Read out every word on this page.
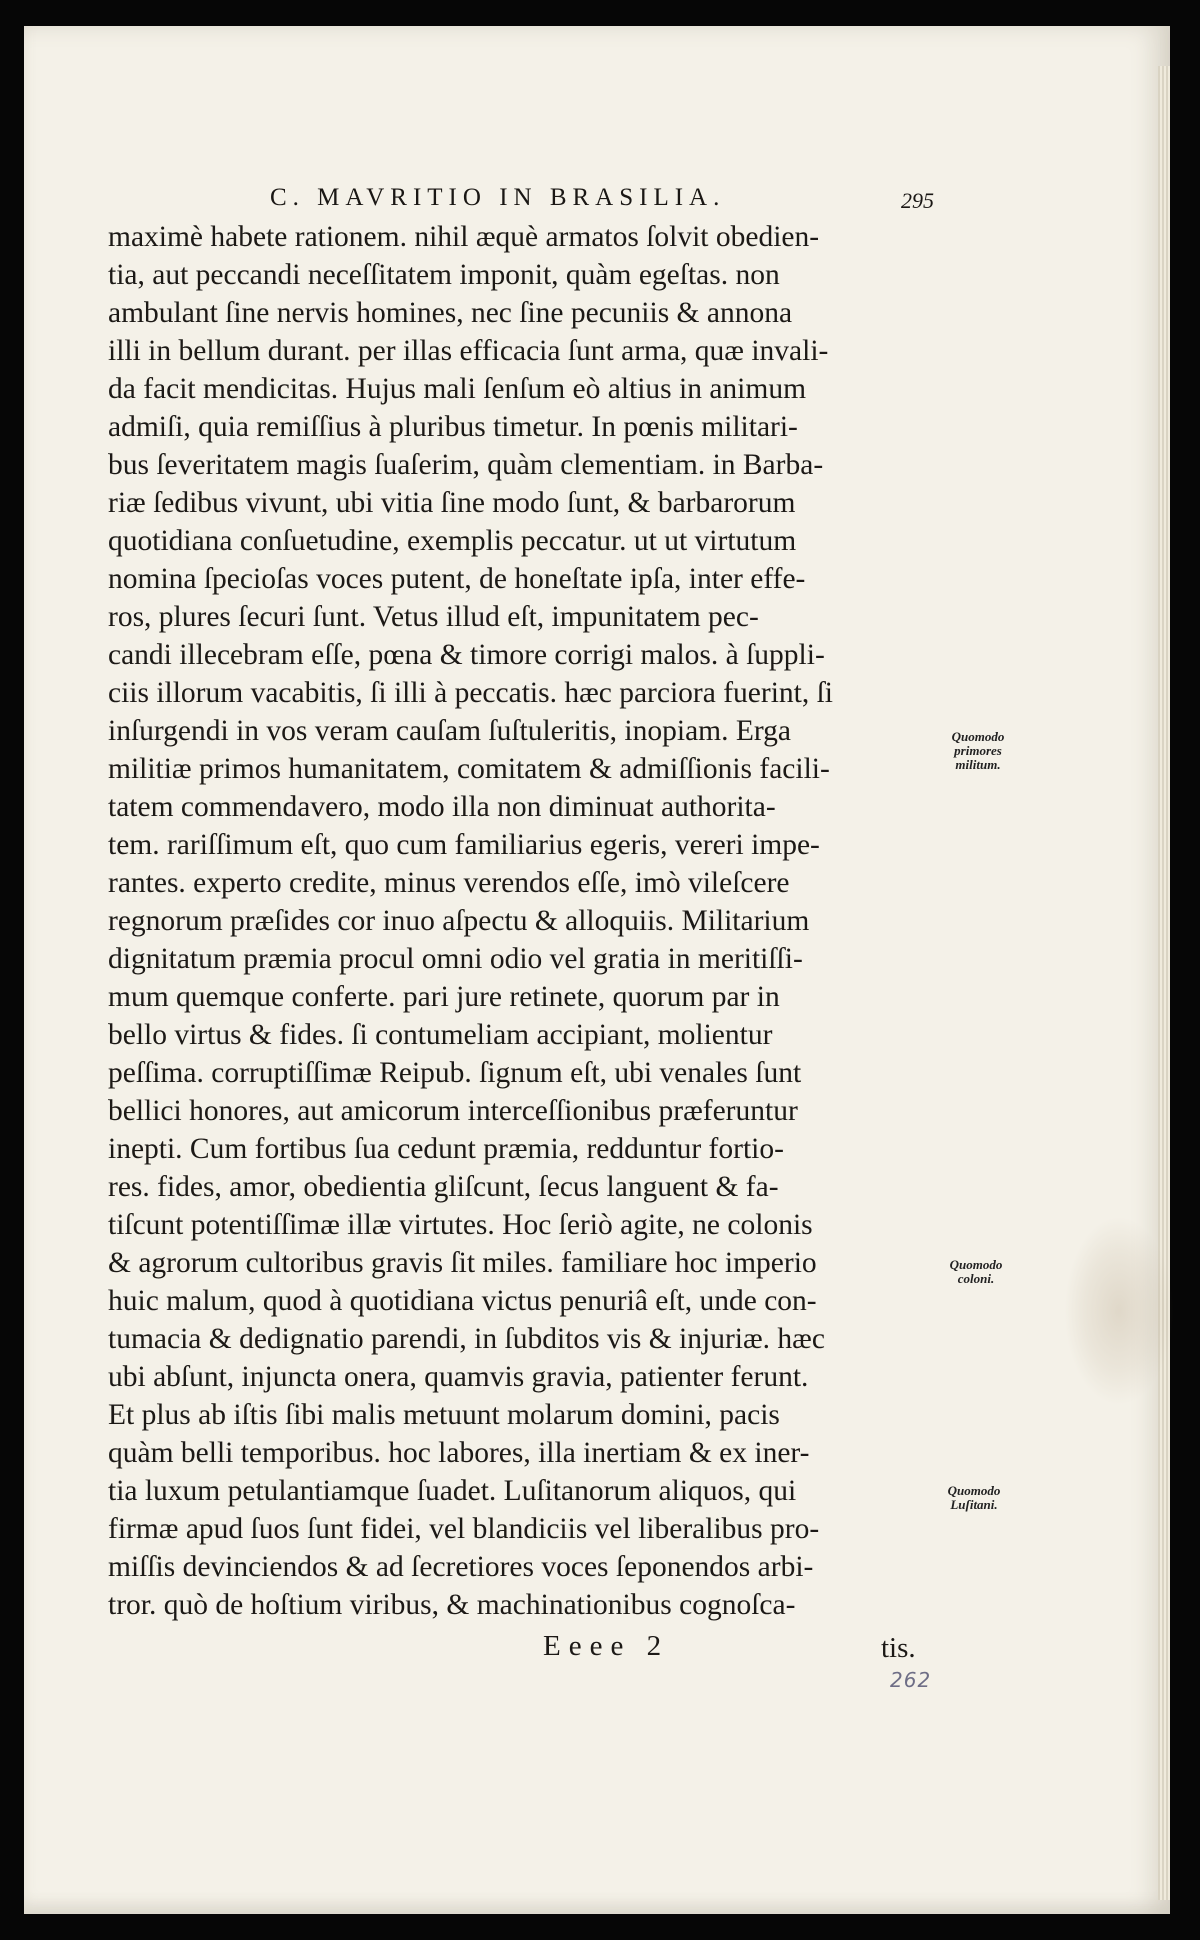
C. MAVRITIO IN BRASILIA.	295
maximè habete rationem. nihil æquè armatos ſolvit obedien-
tia, aut peccandi neceſſitatem imponit, quàm egeſtas. non
ambulant ſine nervis homines, nec ſine pecuniis & annona
illi in bellum durant. per illas efficacia ſunt arma, quæ invali-
da facit mendicitas. Hujus mali ſenſum eò altius in animum
admiſi, quia remiſſius à pluribus timetur. In pœnis militari-
bus ſeveritatem magis ſuaſerim, quàm clementiam. in Barba-
riæ ſedibus vivunt, ubi vitia ſine modo ſunt, & barbarorum
quotidiana conſuetudine, exemplis peccatur. ut ut virtutum
nomina ſpecioſas voces putent, de honeſtate ipſa, inter effe-
ros, plures ſecuri ſunt. Vetus illud eſt, impunitatem pec-
candi illecebram eſſe, pœna & timore corrigi malos. à ſuppli-
ciis illorum vacabitis, ſi illi à peccatis. hæc parciora fuerint, ſi
inſurgendi in vos veram cauſam ſuſtuleritis, inopiam. Erga
militiæ primos humanitatem, comitatem & admiſſionis facili-
tatem commendavero, modo illa non diminuat authorita-
tem. rariſſimum eſt, quo cum familiarius egeris, vereri impe-
rantes. experto credite, minus verendos eſſe, imò vileſcere
regnorum præſides cor inuo aſpectu & alloquiis. Militarium
dignitatum præmia procul omni odio vel gratia in meritiſſi-
mum quemque conferte. pari jure retinete, quorum par in
bello virtus & fides. ſi contumeliam accipiant, molientur
peſſima. corruptiſſimæ Reipub. ſignum eſt, ubi venales ſunt
bellici honores, aut amicorum interceſſionibus præferuntur
inepti. Cum fortibus ſua cedunt præmia, redduntur fortio-
res. fides, amor, obedientia gliſcunt, ſecus languent & fa-
tiſcunt potentiſſimæ illæ virtutes. Hoc ſeriò agite, ne colonis
& agrorum cultoribus gravis ſit miles. familiare hoc imperio
huic malum, quod à quotidiana victus penuriâ eſt, unde con-
tumacia & dedignatio parendi, in ſubditos vis & injuriæ. hæc
ubi abſunt, injuncta onera, quamvis gravia, patienter ferunt.
Et plus ab iſtis ſibi malis metuunt molarum domini, pacis
quàm belli temporibus. hoc labores, illa inertiam & ex iner-
tia luxum petulantiamque ſuadet. Luſitanorum aliquos, qui
firmæ apud ſuos ſunt fidei, vel blandiciis vel liberalibus pro-
miſſis devinciendos & ad ſecretiores voces ſeponendos arbi-
tror. quò de hoſtium viribus, & machinationibus cognoſca-
Quomodo
primores
militum.
Quomodo
coloni.
Quomodo
Luſitani.
Eeee 2	tis.
262
